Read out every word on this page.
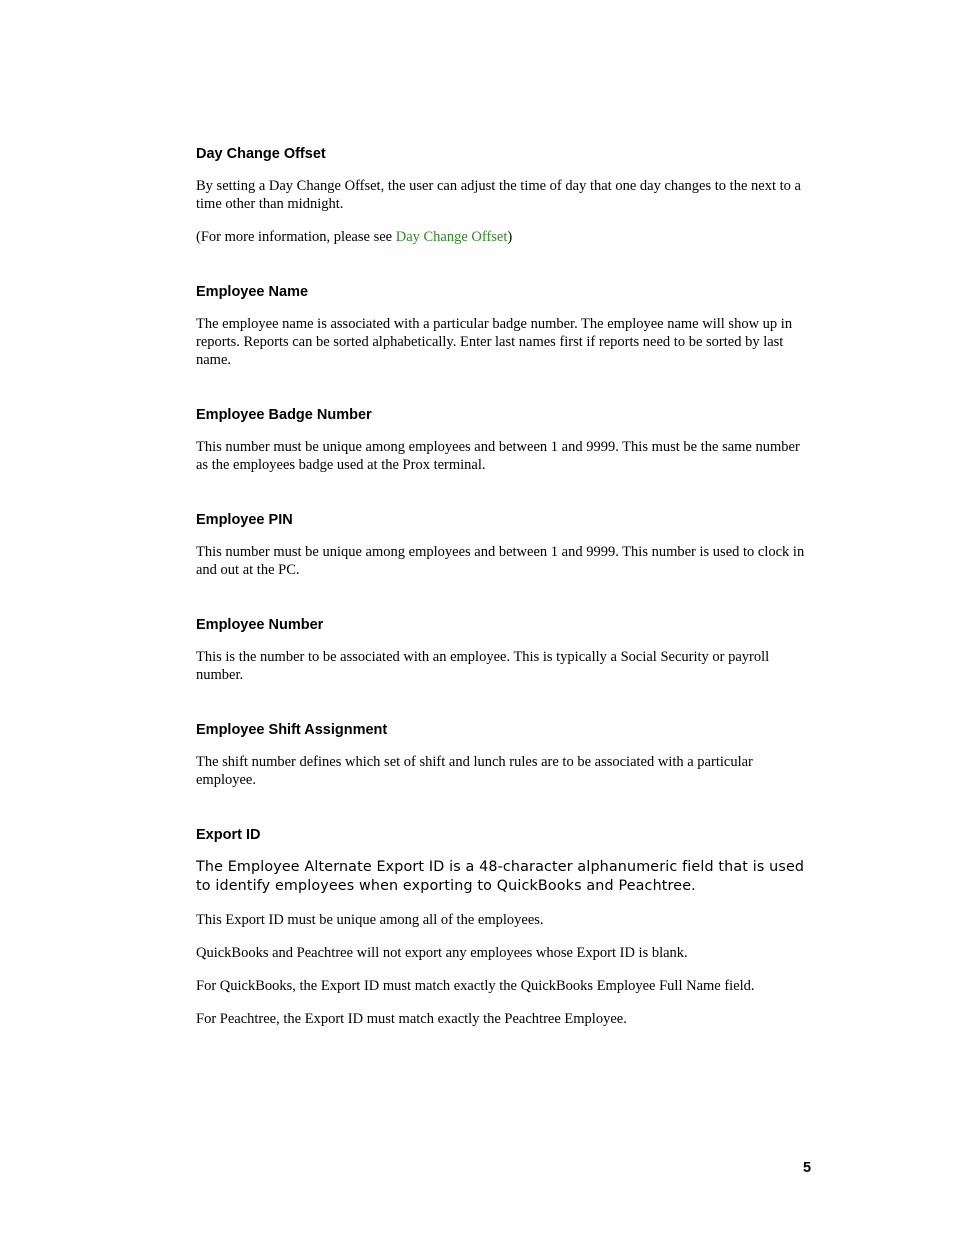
Day Change Offset

By setting a Day Change Offset, the user can adjust the time of day that one day changes to the next to a time other than midnight.

(For more information, please see Day Change Offset)

Employee Name

The employee name is associated with a particular badge number. The employee name will show up in reports. Reports can be sorted alphabetically. Enter last names first if reports need to be sorted by last name.

Employee Badge Number

This number must be unique among employees and between 1 and 9999. This must be the same number as the employees badge used at the Prox terminal.

Employee PIN

This number must be unique among employees and between 1 and 9999. This number is used to clock in and out at the PC.

Employee Number

This is the number to be associated with an employee. This is typically a Social Security or payroll number.

Employee Shift Assignment

The shift number defines which set of shift and lunch rules are to be associated with a particular employee.

Export ID

The Employee Alternate Export ID is a 48-character alphanumeric field that is used to identify employees when exporting to QuickBooks and Peachtree.

This Export ID must be unique among all of the employees.

QuickBooks and Peachtree will not export any employees whose Export ID is blank.

For QuickBooks, the Export ID must match exactly the QuickBooks Employee Full Name field.

For Peachtree, the Export ID must match exactly the Peachtree Employee.

5
